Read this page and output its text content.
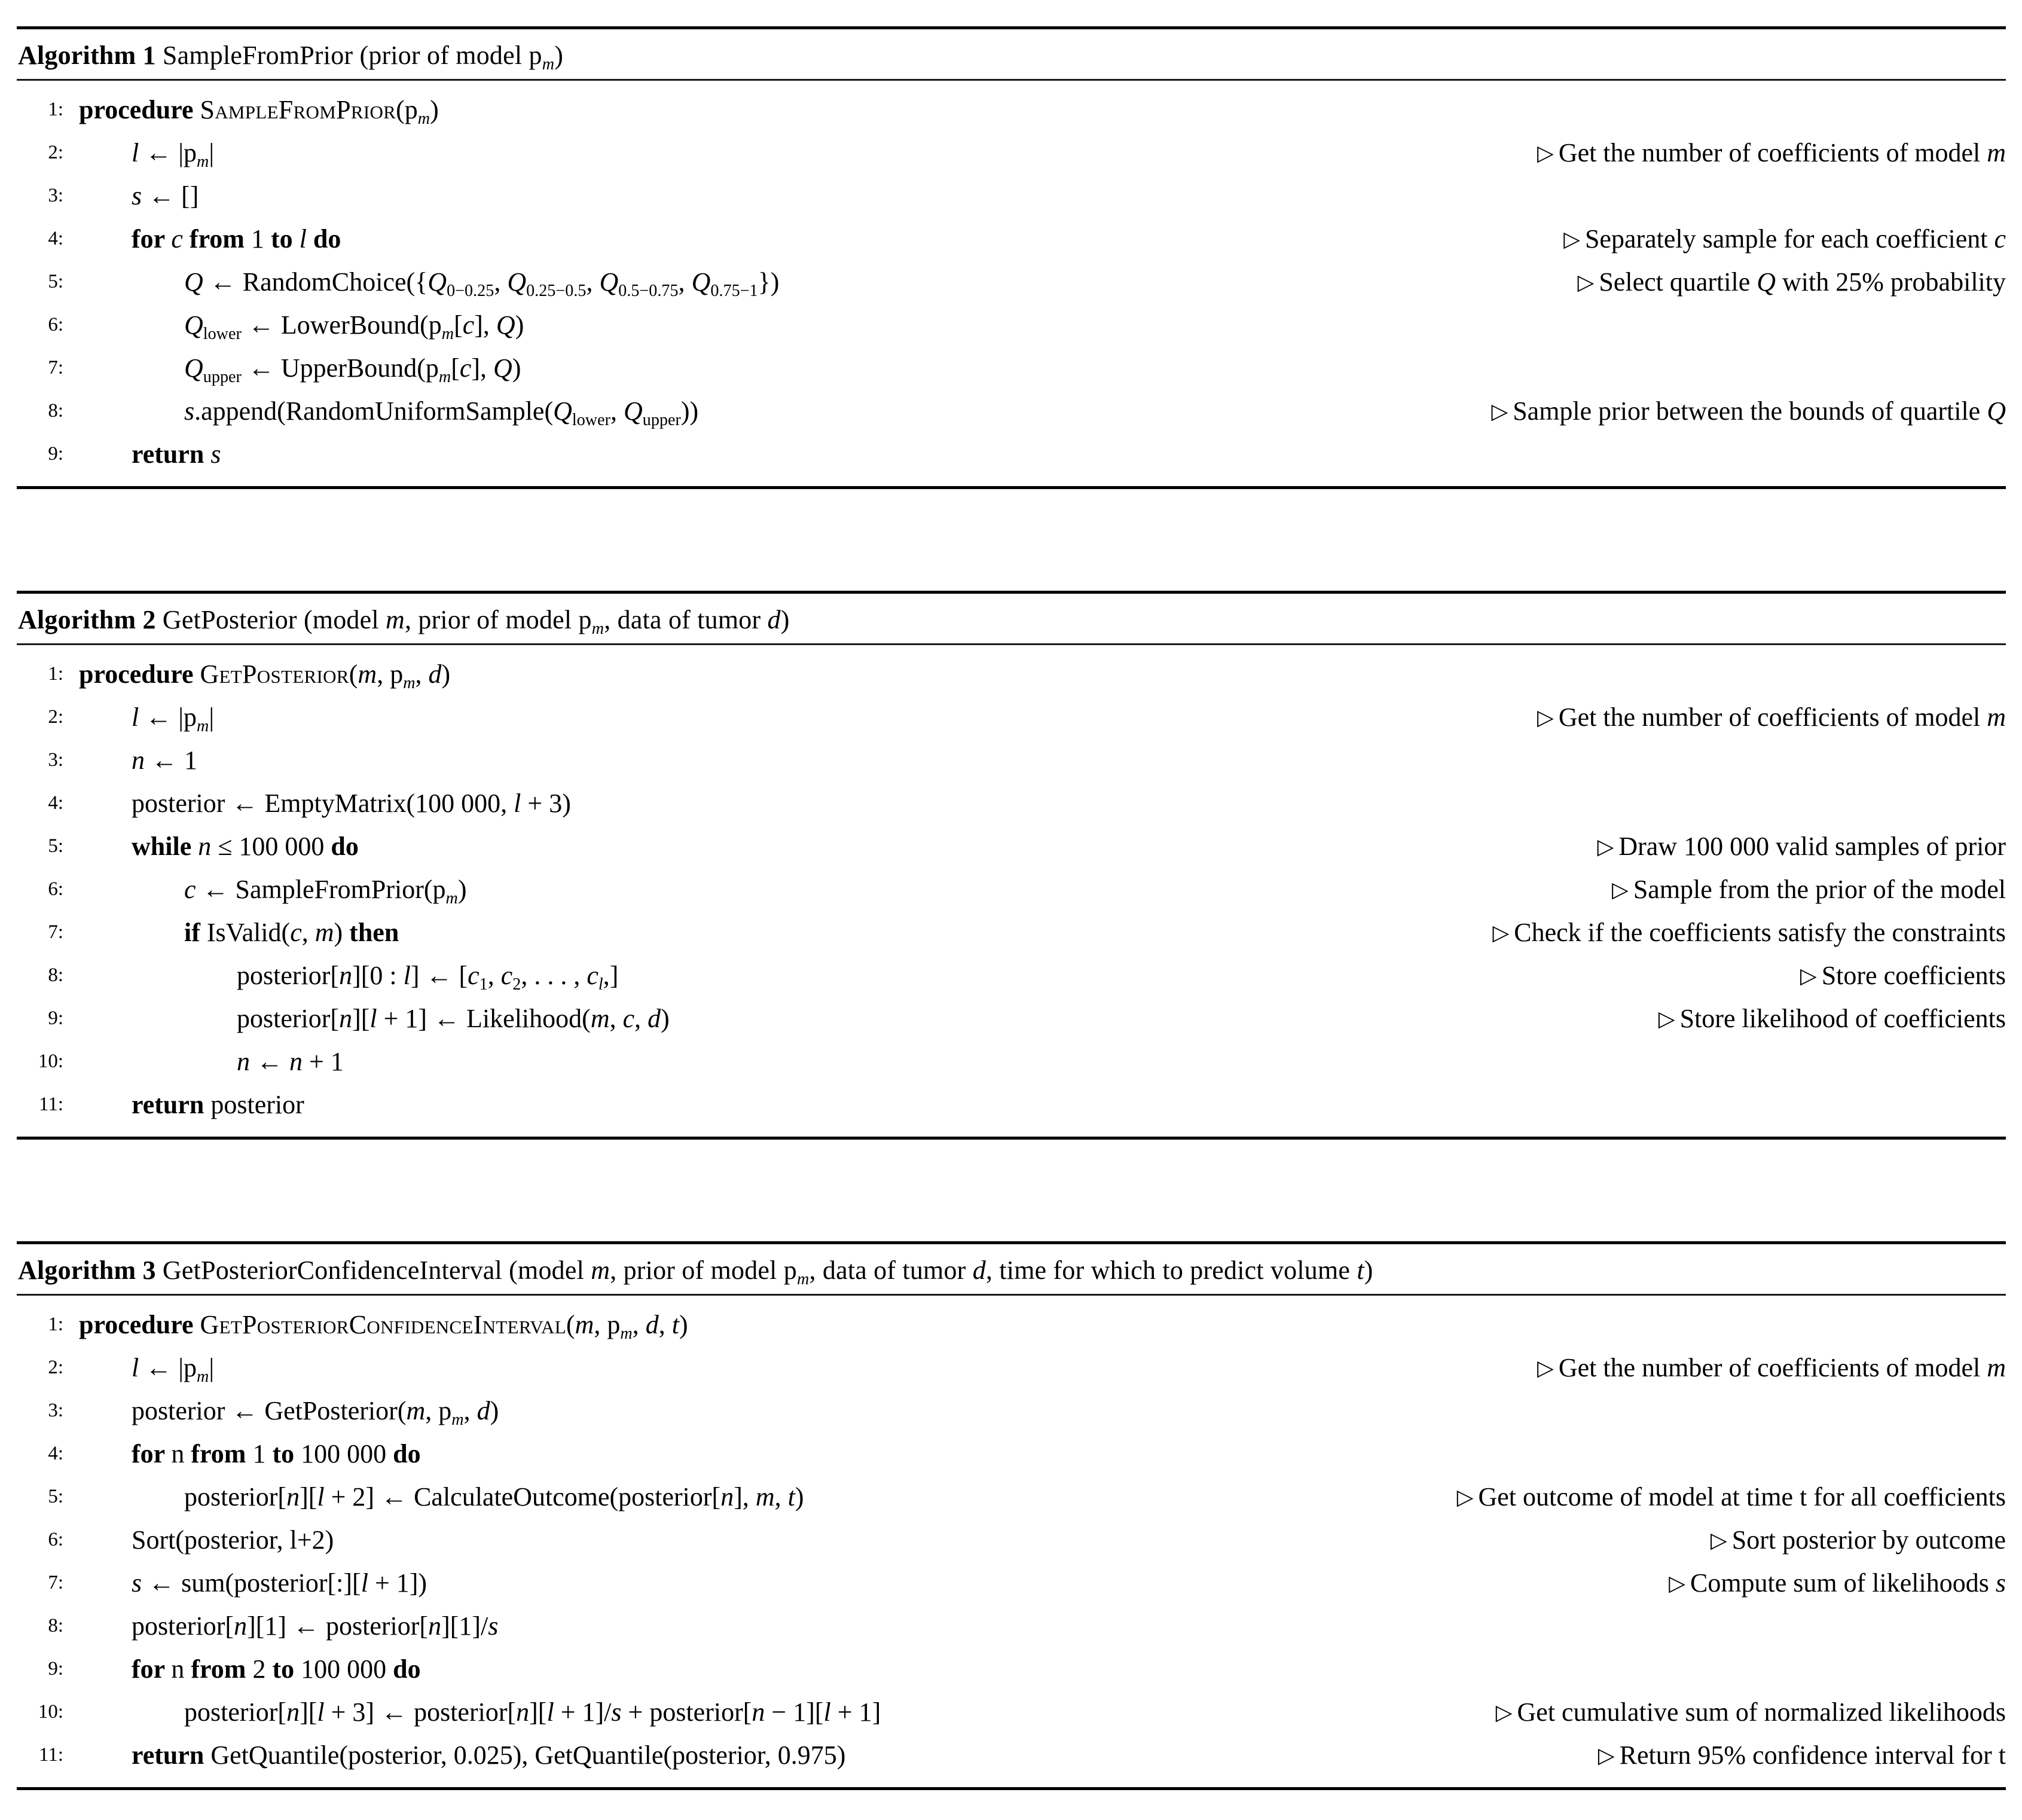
Algorithm 1 SampleFromPrior (prior of model $p_m$)
1: procedure $SampleFromPrior(p_m)$
2:	l ← $|p_m|$	▷ Get the number of coefficients of model m
3:	s ← []
4:	for c from 1 to l do	▷ Separately sample for each coefficient c
5:	Q ← $RandomChoice(\{Q_{0-0.25}$, $Q_{0.25-0.5}$, $Q_{0.5-0.75}$, $Q_{0.75-1}$})	▷ Select quartile Q with 25% probability
6:	$Q_{lower}$ ← $LowerBound(p_m[c]$, Q)
7:	$Q_{upper}$ ← $UpperBound(p_m[c]$, Q)
8:	$s.append(RandomUniformSample(Q_{lower}$, $Q_{upper}$))	▷ Sample prior between the bounds of quartile Q
9:	return s
Algorithm 2 GetPosterior (model m, prior of model $p_m$, data of tumor d)
1: procedure GetPosterior(m, $p_m$, d)
2:	l ← $|p_m|$	▷ Get the number of coefficients of model m
3:	n ← 1
4:	posterior ← EmptyMatrix(100 000, l + 3)
5:	while n ≤ 100 000 do	▷ Draw 100 000 valid samples of prior
6:	c ← $SampleFromPrior(p_m)$	▷ Sample from the prior of the model
7:	if IsValid(c, m) then	▷ Check if the coefficients satisfy the constraints
8:	posterior[n][0 : l] ← [$c_1$, $c_2$, . . . , $c_l$,]	▷ Store coefficients
9:	posterior[n][l + 1] ← Likelihood(m, c, d)	▷ Store likelihood of coefficients
10:	n ← n + 1
11:	return posterior
Algorithm 3 GetPosteriorConfidenceInterval (model m, prior of model $p_m$, data of tumor d, time for which to predict volume t)
1: procedure GetPosteriorConfidenceInterval(m, $p_m$, d, t)
2:	l ← $|p_m|$	▷ Get the number of coefficients of model m
3:	posterior ← GetPosterior(m, $p_m$, d)
4:	for n from 1 to 100 000 do
5:	posterior[n][l + 2] ← CalculateOutcome(posterior[n], m, t)	▷ Get outcome of model at time t for all coefficients
6:	Sort(posterior, l+2)	▷ Sort posterior by outcome
7:	s ← sum(posterior[:][l + 1])	▷ Compute sum of likelihoods s
8:	posterior[n][1] ← posterior[n][1]/s
9:	for n from 2 to 100 000 do
10:	posterior[n][l + 3] ← posterior[n][l + 1]/s + posterior[n − 1][l + 1]	▷ Get cumulative sum of normalized likelihoods
11:	return GetQuantile(posterior, 0.025), GetQuantile(posterior, 0.975)	▷ Return 95% confidence interval for t
